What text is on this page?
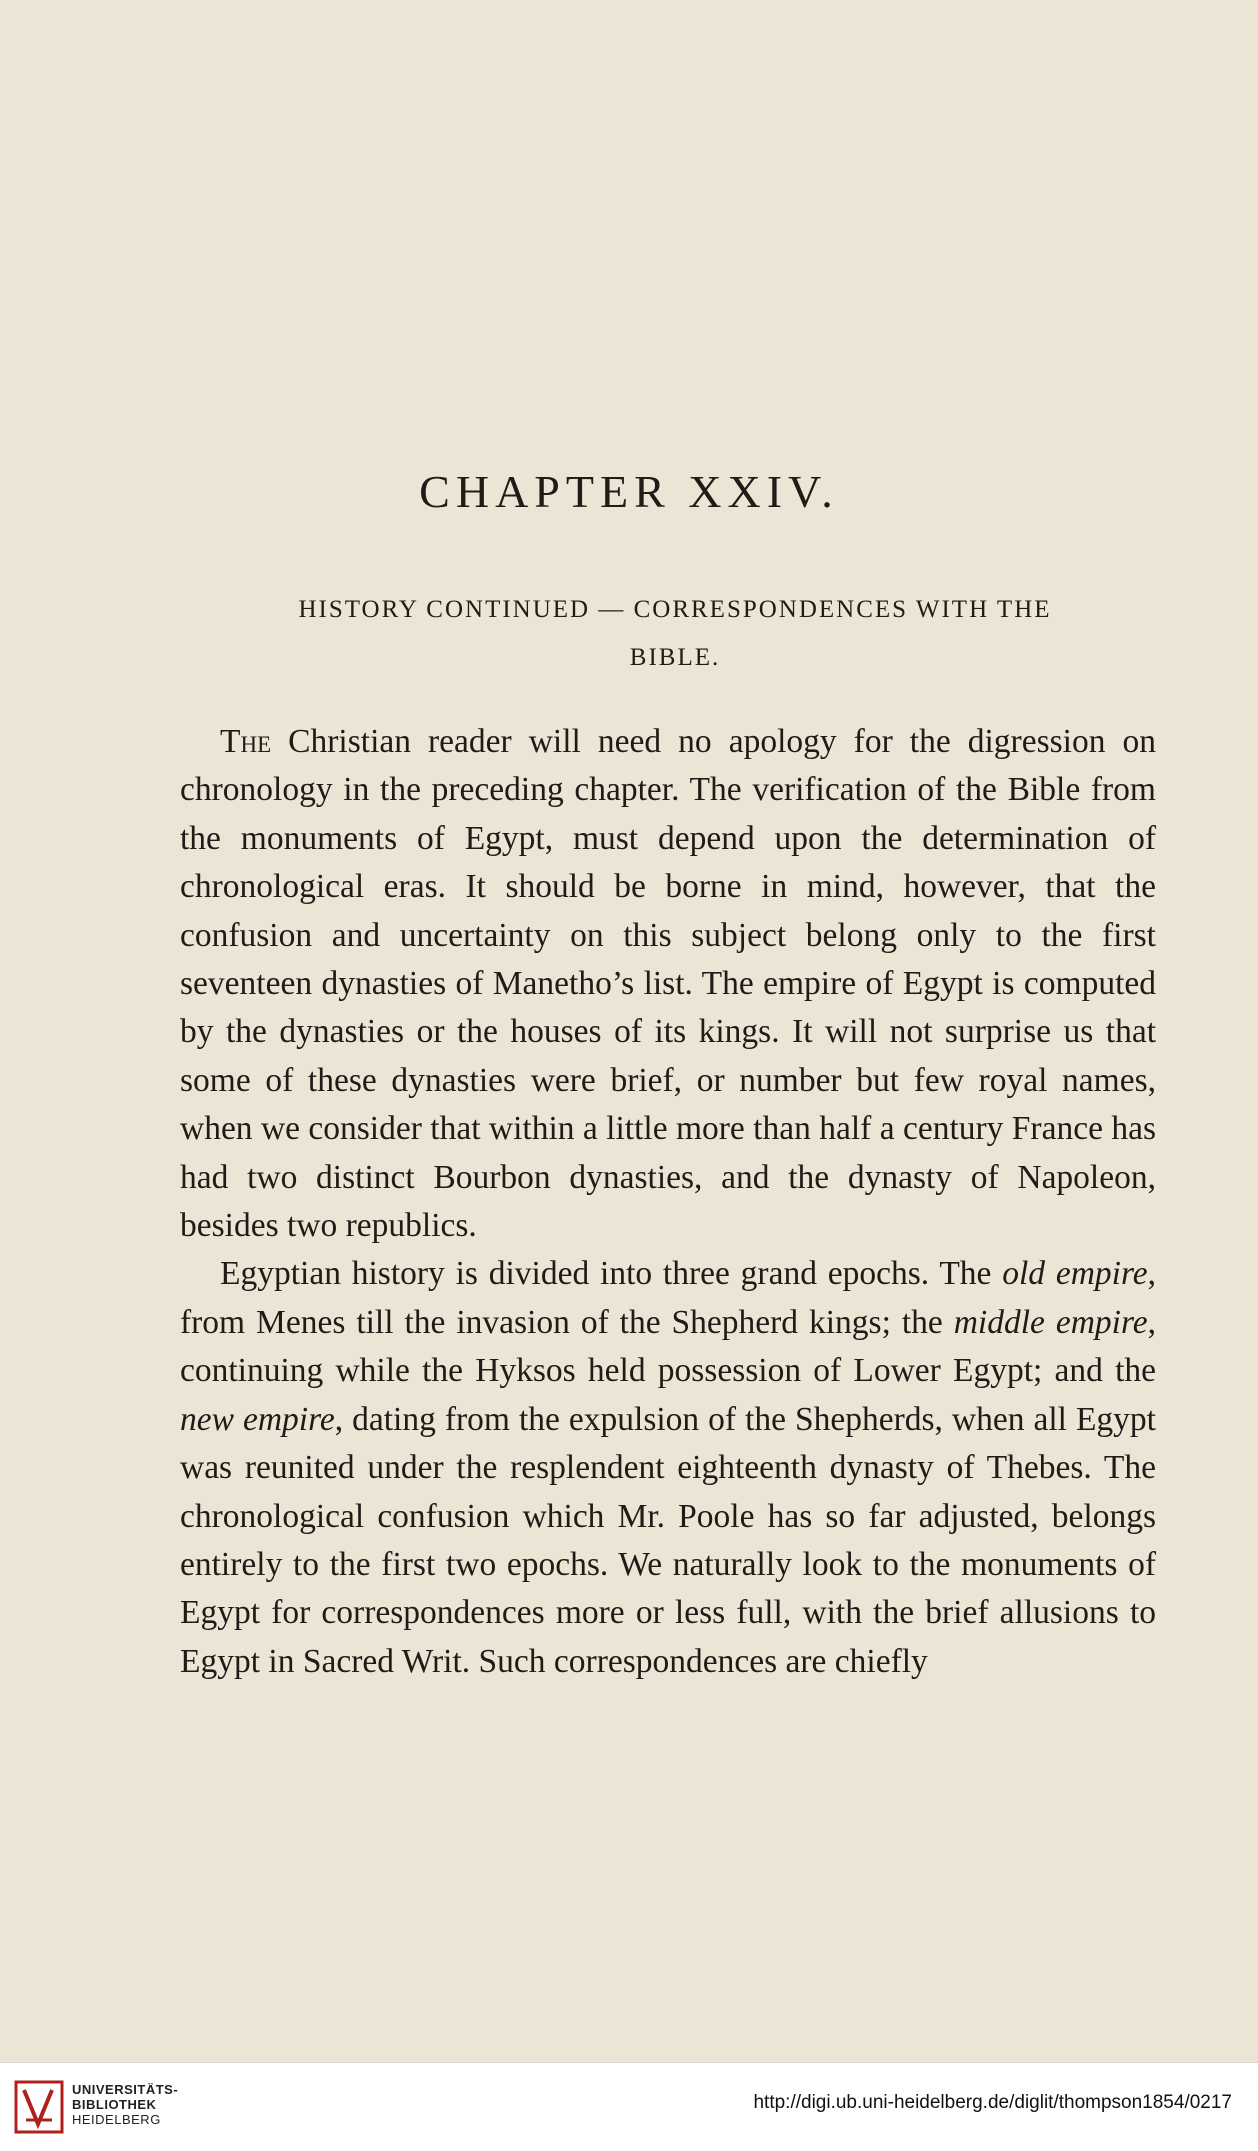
CHAPTER XXIV.
HISTORY CONTINUED — CORRESPONDENCES WITH THE
BIBLE.

The Christian reader will need no apology for the digression on chronology in the preceding chapter. The verification of the Bible from the monuments of Egypt, must depend upon the determination of chronological eras. It should be borne in mind, however, that the confusion and uncertainty on this subject belong only to the first seventeen dynasties of Manetho’s list. The empire of Egypt is computed by the dynasties or the houses of its kings. It will not surprise us that some of these dynasties were brief, or number but few royal names, when we consider that within a little more than half a century France has had two distinct Bourbon dynasties, and the dynasty of Napoleon, besides two republics.

Egyptian history is divided into three grand epochs. The old empire, from Menes till the invasion of the Shepherd kings; the middle empire, continuing while the Hyksos held possession of Lower Egypt; and the new empire, dating from the expulsion of the Shepherds, when all Egypt was reunited under the resplendent eighteenth dynasty of Thebes. The chronological confusion which Mr. Poole has so far adjusted, belongs entirely to the first two epochs. We naturally look to the monuments of Egypt for correspondences more or less full, with the brief allusions to Egypt in Sacred Writ. Such correspondences are chiefly

UNIVERSITÄTS-
BIBLIOTHEK
HEIDELBERG
http://digi.ub.uni-heidelberg.de/diglit/thompson1854/0217
